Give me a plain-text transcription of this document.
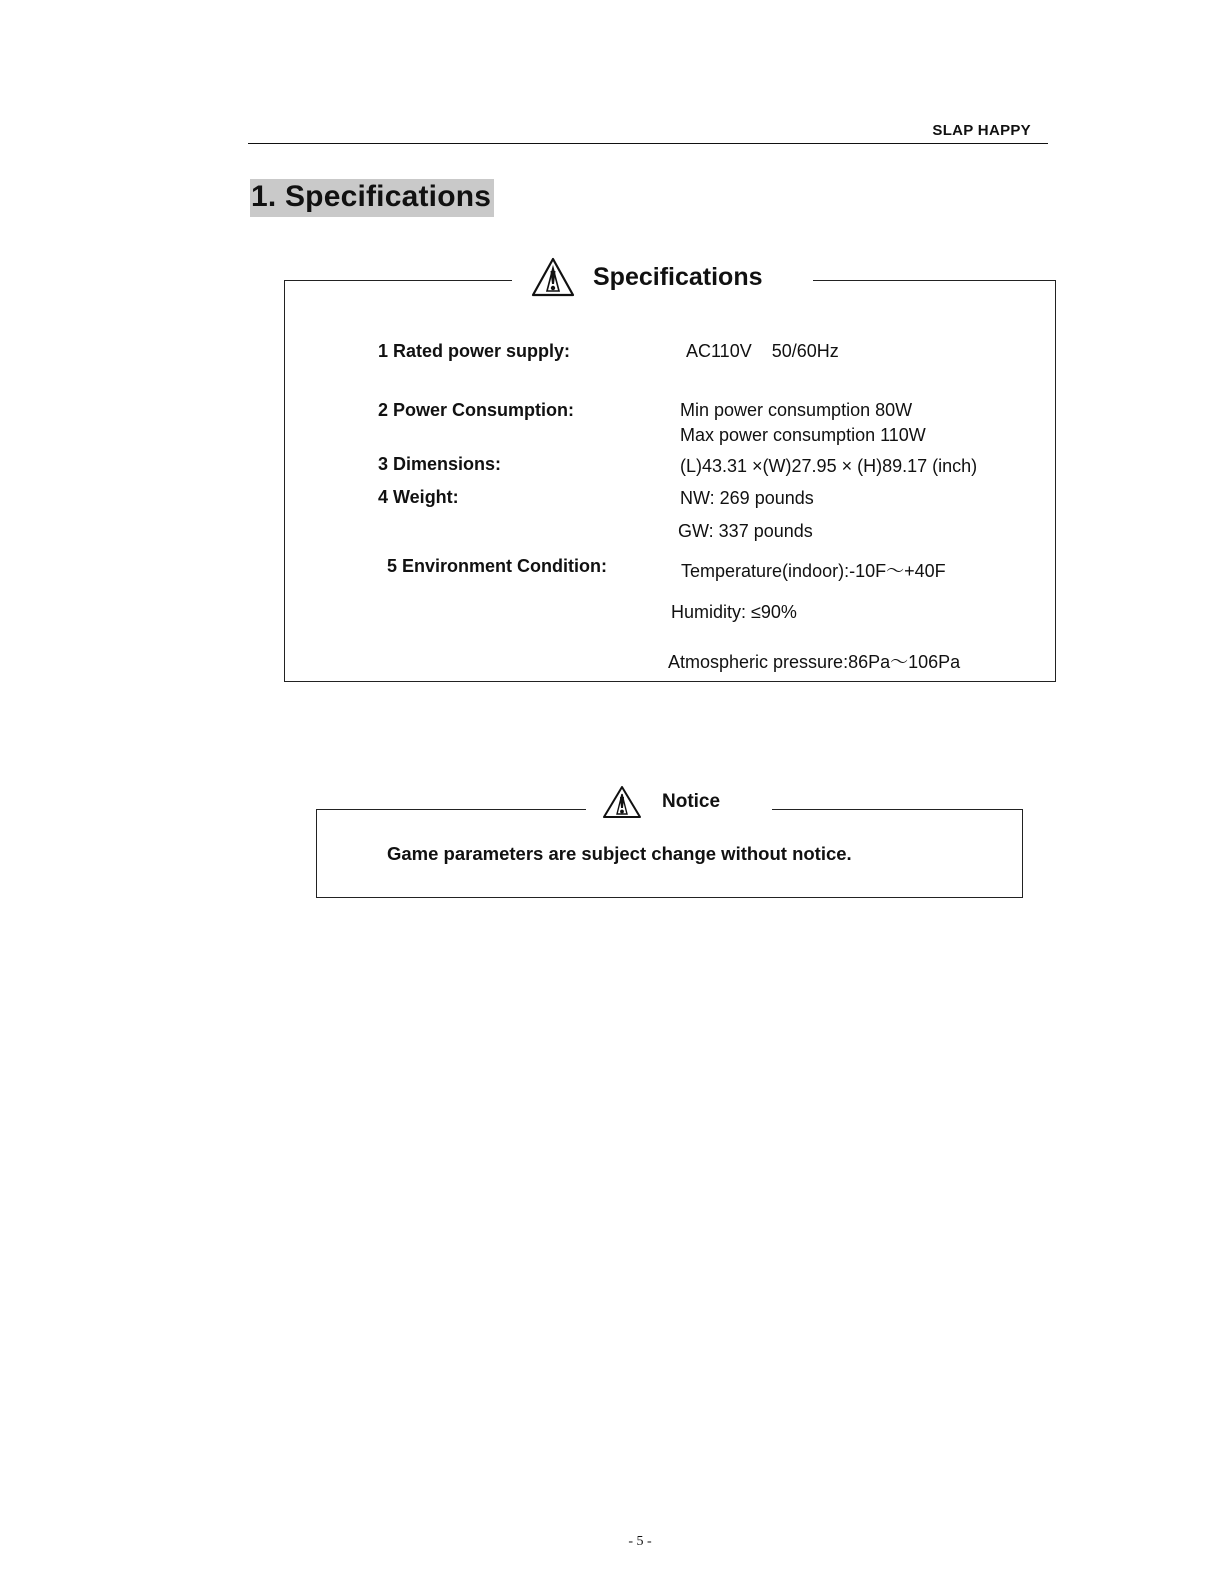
SLAP HAPPY
1. Specifications
Specifications
1 Rated power supply:	AC110V    50/60Hz
2 Power Consumption:	Min power consumption 80W
Max power consumption 110W
3 Dimensions:	(L)43.31 ×(W)27.95 × (H)89.17 (inch)
4 Weight:	NW: 269 pounds
GW: 337 pounds
5 Environment Condition:	Temperature(indoor):-10F～+40F
Humidity: ≤90%
Atmospheric pressure:86Pa～106Pa
Notice
Game parameters are subject change without notice.
- 5 -
